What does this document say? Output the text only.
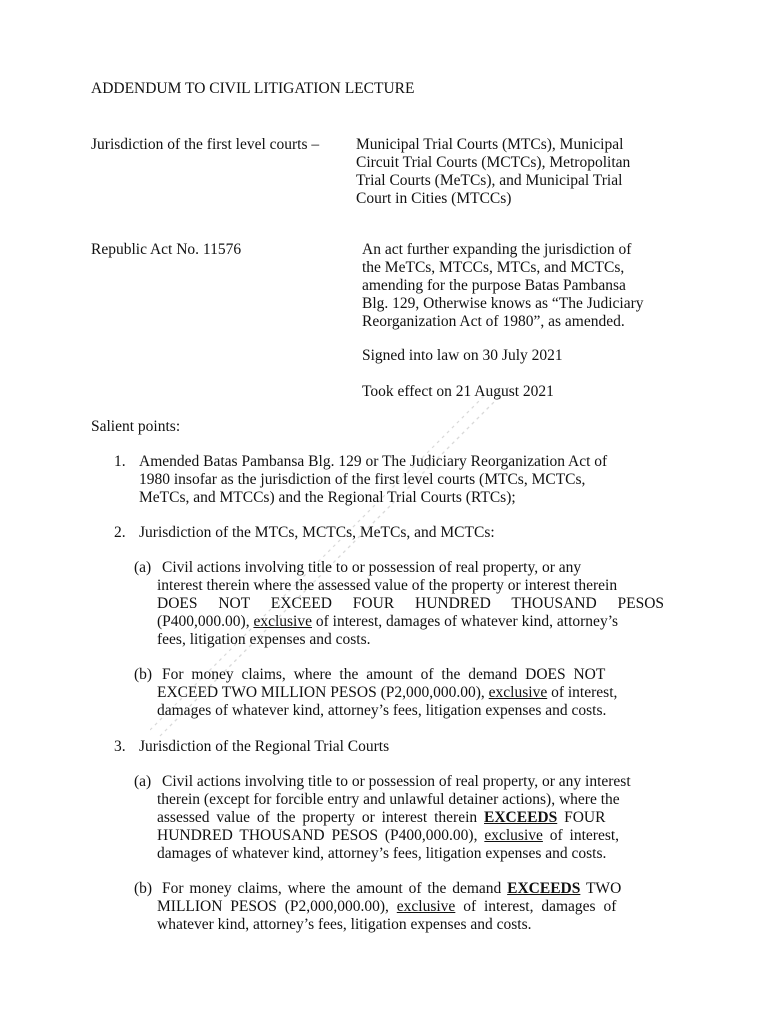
ADDENDUM TO CIVIL LITIGATION LECTURE
Jurisdiction of the first level courts – Municipal Trial Courts (MTCs), Municipal
Circuit Trial Courts (MCTCs), Metropolitan
Trial Courts (MeTCs), and Municipal Trial
Court in Cities (MTCCs)
Republic Act No. 11576	An act further expanding the jurisdiction of
the MeTCs, MTCCs, MTCs, and MCTCs,
amending for the purpose Batas Pambansa
Blg. 129, Otherwise knows as “The Judiciary
Reorganization Act of 1980”, as amended.
Signed into law on 30 July 2021
Took effect on 21 August 2021
Salient points:
1. Amended Batas Pambansa Blg. 129 or The Judiciary Reorganization Act of
1980 insofar as the jurisdiction of the first level courts (MTCs, MCTCs,
MeTCs, and MTCCs) and the Regional Trial Courts (RTCs);
2. Jurisdiction of the MTCs, MCTCs, MeTCs, and MCTCs:
(a) Civil actions involving title to or possession of real property, or any
interest therein where the assessed value of the property or interest therein
DOES NOT EXCEED FOUR HUNDRED THOUSAND PESOS
(P400,000.00), exclusive of interest, damages of whatever kind, attorney’s
fees, litigation expenses and costs.
(b) For money claims, where the amount of the demand DOES NOT
EXCEED TWO MILLION PESOS (P2,000,000.00), exclusive of interest,
damages of whatever kind, attorney’s fees, litigation expenses and costs.
3. Jurisdiction of the Regional Trial Courts
(a) Civil actions involving title to or possession of real property, or any interest
therein (except for forcible entry and unlawful detainer actions), where the
assessed value of the property or interest therein EXCEEDS FOUR
HUNDRED THOUSAND PESOS (P400,000.00), exclusive of interest,
damages of whatever kind, attorney’s fees, litigation expenses and costs.
(b) For money claims, where the amount of the demand EXCEEDS TWO
MILLION PESOS (P2,000,000.00), exclusive of interest, damages of
whatever kind, attorney’s fees, litigation expenses and costs.
